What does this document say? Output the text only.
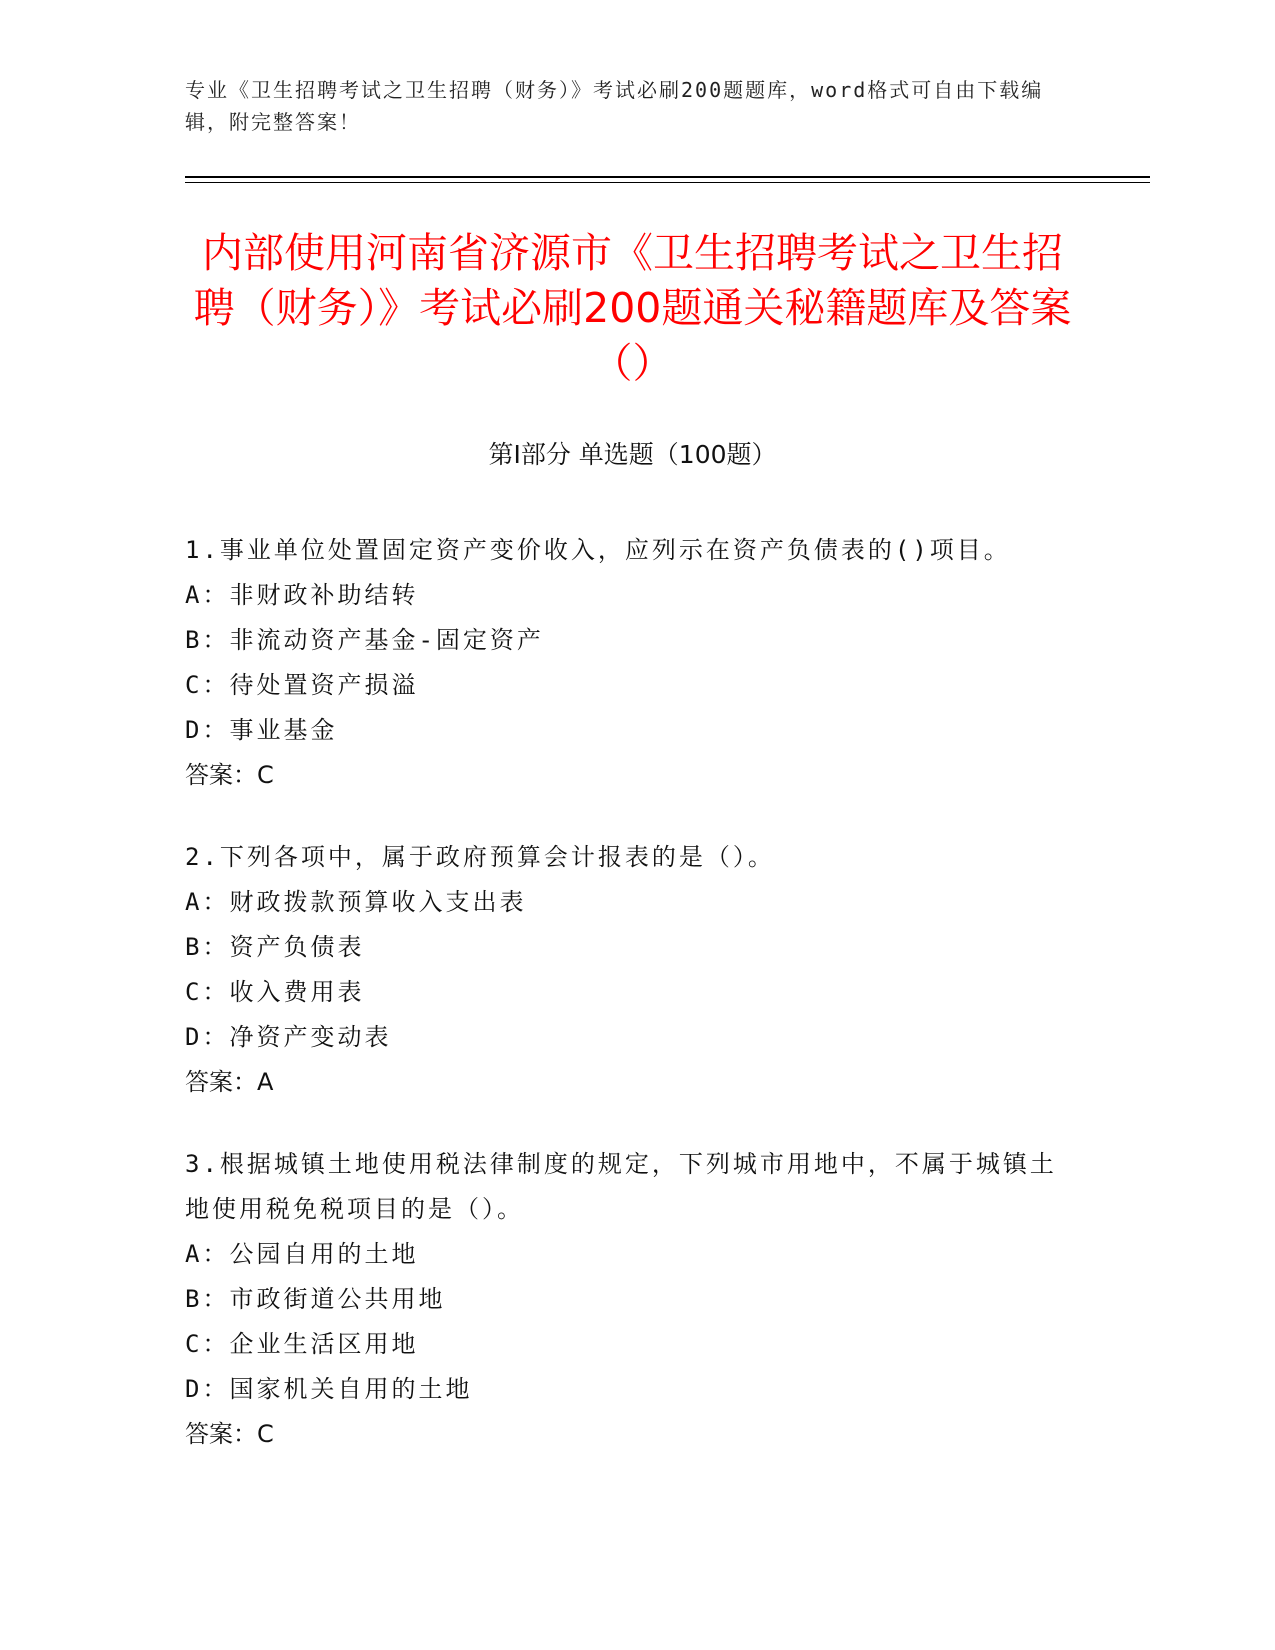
专业《卫生招聘考试之卫生招聘（财务）》考试必刷200题题库，word格式可自由下载编辑，附完整答案！
内部使用河南省济源市《卫生招聘考试之卫生招聘（财务）》考试必刷200题通关秘籍题库及答案（）
第Ⅰ部分 单选题（100题）
1.事业单位处置固定资产变价收入，应列示在资产负债表的()项目。
A：非财政补助结转
B：非流动资产基金-固定资产
C：待处置资产损溢
D：事业基金
答案：C
2.下列各项中，属于政府预算会计报表的是（）。
A：财政拨款预算收入支出表
B：资产负债表
C：收入费用表
D：净资产变动表
答案：A
3.根据城镇土地使用税法律制度的规定，下列城市用地中，不属于城镇土地使用税免税项目的是（）。
A：公园自用的土地
B：市政街道公共用地
C：企业生活区用地
D：国家机关自用的土地
答案：C
